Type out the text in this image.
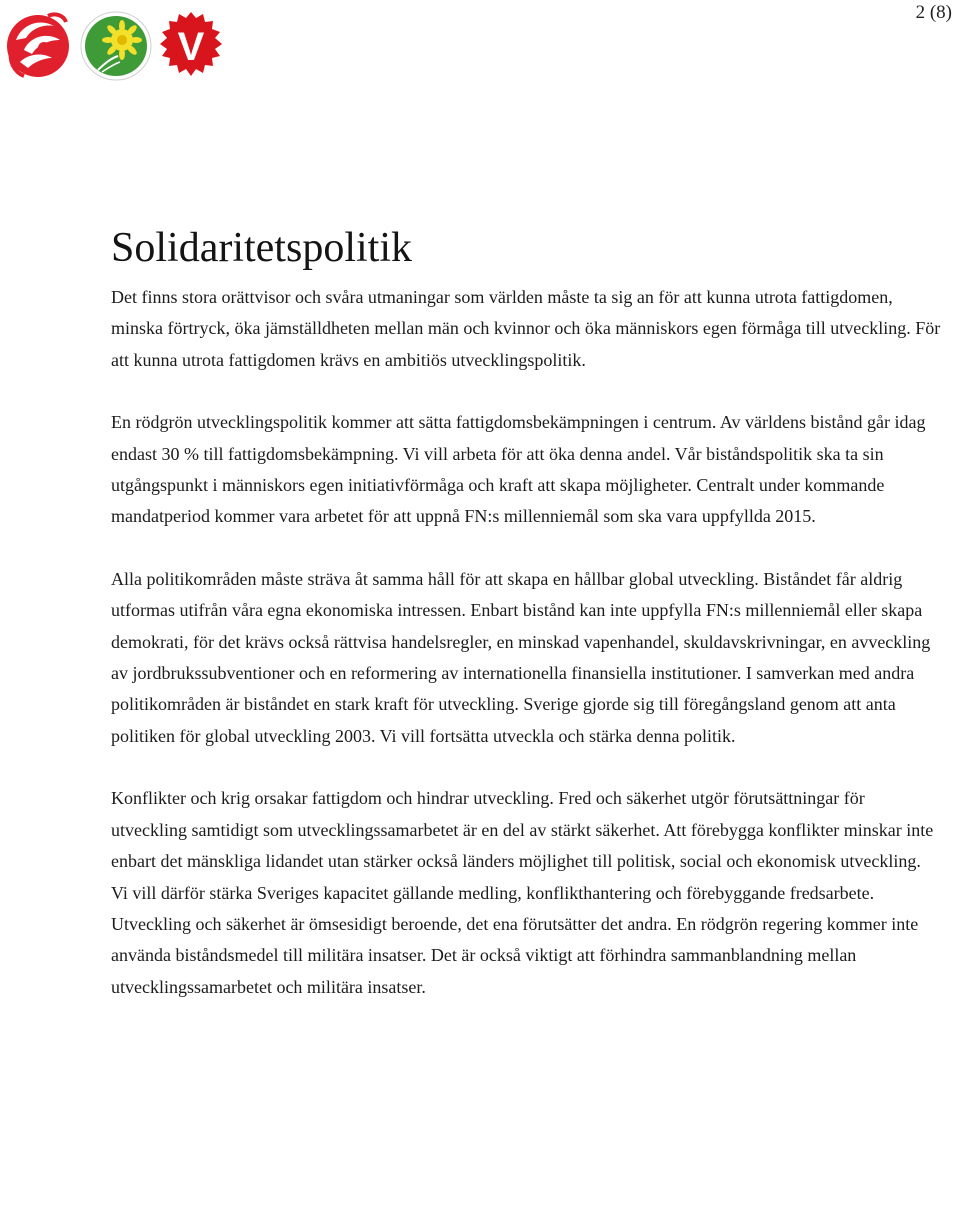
2 (8)
V
Solidaritetspolitik

Det finns stora orättvisor och svåra utmaningar som världen måste ta sig an för att kunna utrota fattigdomen, minska förtryck, öka jämställdheten mellan män och kvinnor och öka människors egen förmåga till utveckling. För att kunna utrota fattigdomen krävs en ambitiös utvecklingspolitik.

En rödgrön utvecklingspolitik kommer att sätta fattigdomsbekämpningen i centrum. Av världens bistånd går idag endast 30 % till fattigdomsbekämpning. Vi vill arbeta för att öka denna andel. Vår biståndspolitik ska ta sin utgångspunkt i människors egen initiativförmåga och kraft att skapa möjligheter. Centralt under kommande mandatperiod kommer vara arbetet för att uppnå FN:s millenniemål som ska vara uppfyllda 2015.

Alla politikområden måste sträva åt samma håll för att skapa en hållbar global utveckling. Biståndet får aldrig utformas utifrån våra egna ekonomiska intressen. Enbart bistånd kan inte uppfylla FN:s millenniemål eller skapa demokrati, för det krävs också rättvisa handelsregler, en minskad vapenhandel, skuldavskrivningar, en avveckling av jordbrukssubventioner och en reformering av internationella finansiella institutioner. I samverkan med andra politikområden är biståndet en stark kraft för utveckling. Sverige gjorde sig till föregångsland genom att anta politiken för global utveckling 2003. Vi vill fortsätta utveckla och stärka denna politik.

Konflikter och krig orsakar fattigdom och hindrar utveckling. Fred och säkerhet utgör förutsättningar för utveckling samtidigt som utvecklingssamarbetet är en del av stärkt säkerhet. Att förebygga konflikter minskar inte enbart det mänskliga lidandet utan stärker också länders möjlighet till politisk, social och ekonomisk utveckling. Vi vill därför stärka Sveriges kapacitet gällande medling, konflikthantering och förebyggande fredsarbete. Utveckling och säkerhet är ömsesidigt beroende, det ena förutsätter det andra. En rödgrön regering kommer inte använda biståndsmedel till militära insatser. Det är också viktigt att förhindra sammanblandning mellan utvecklingssamarbetet och militära insatser.
